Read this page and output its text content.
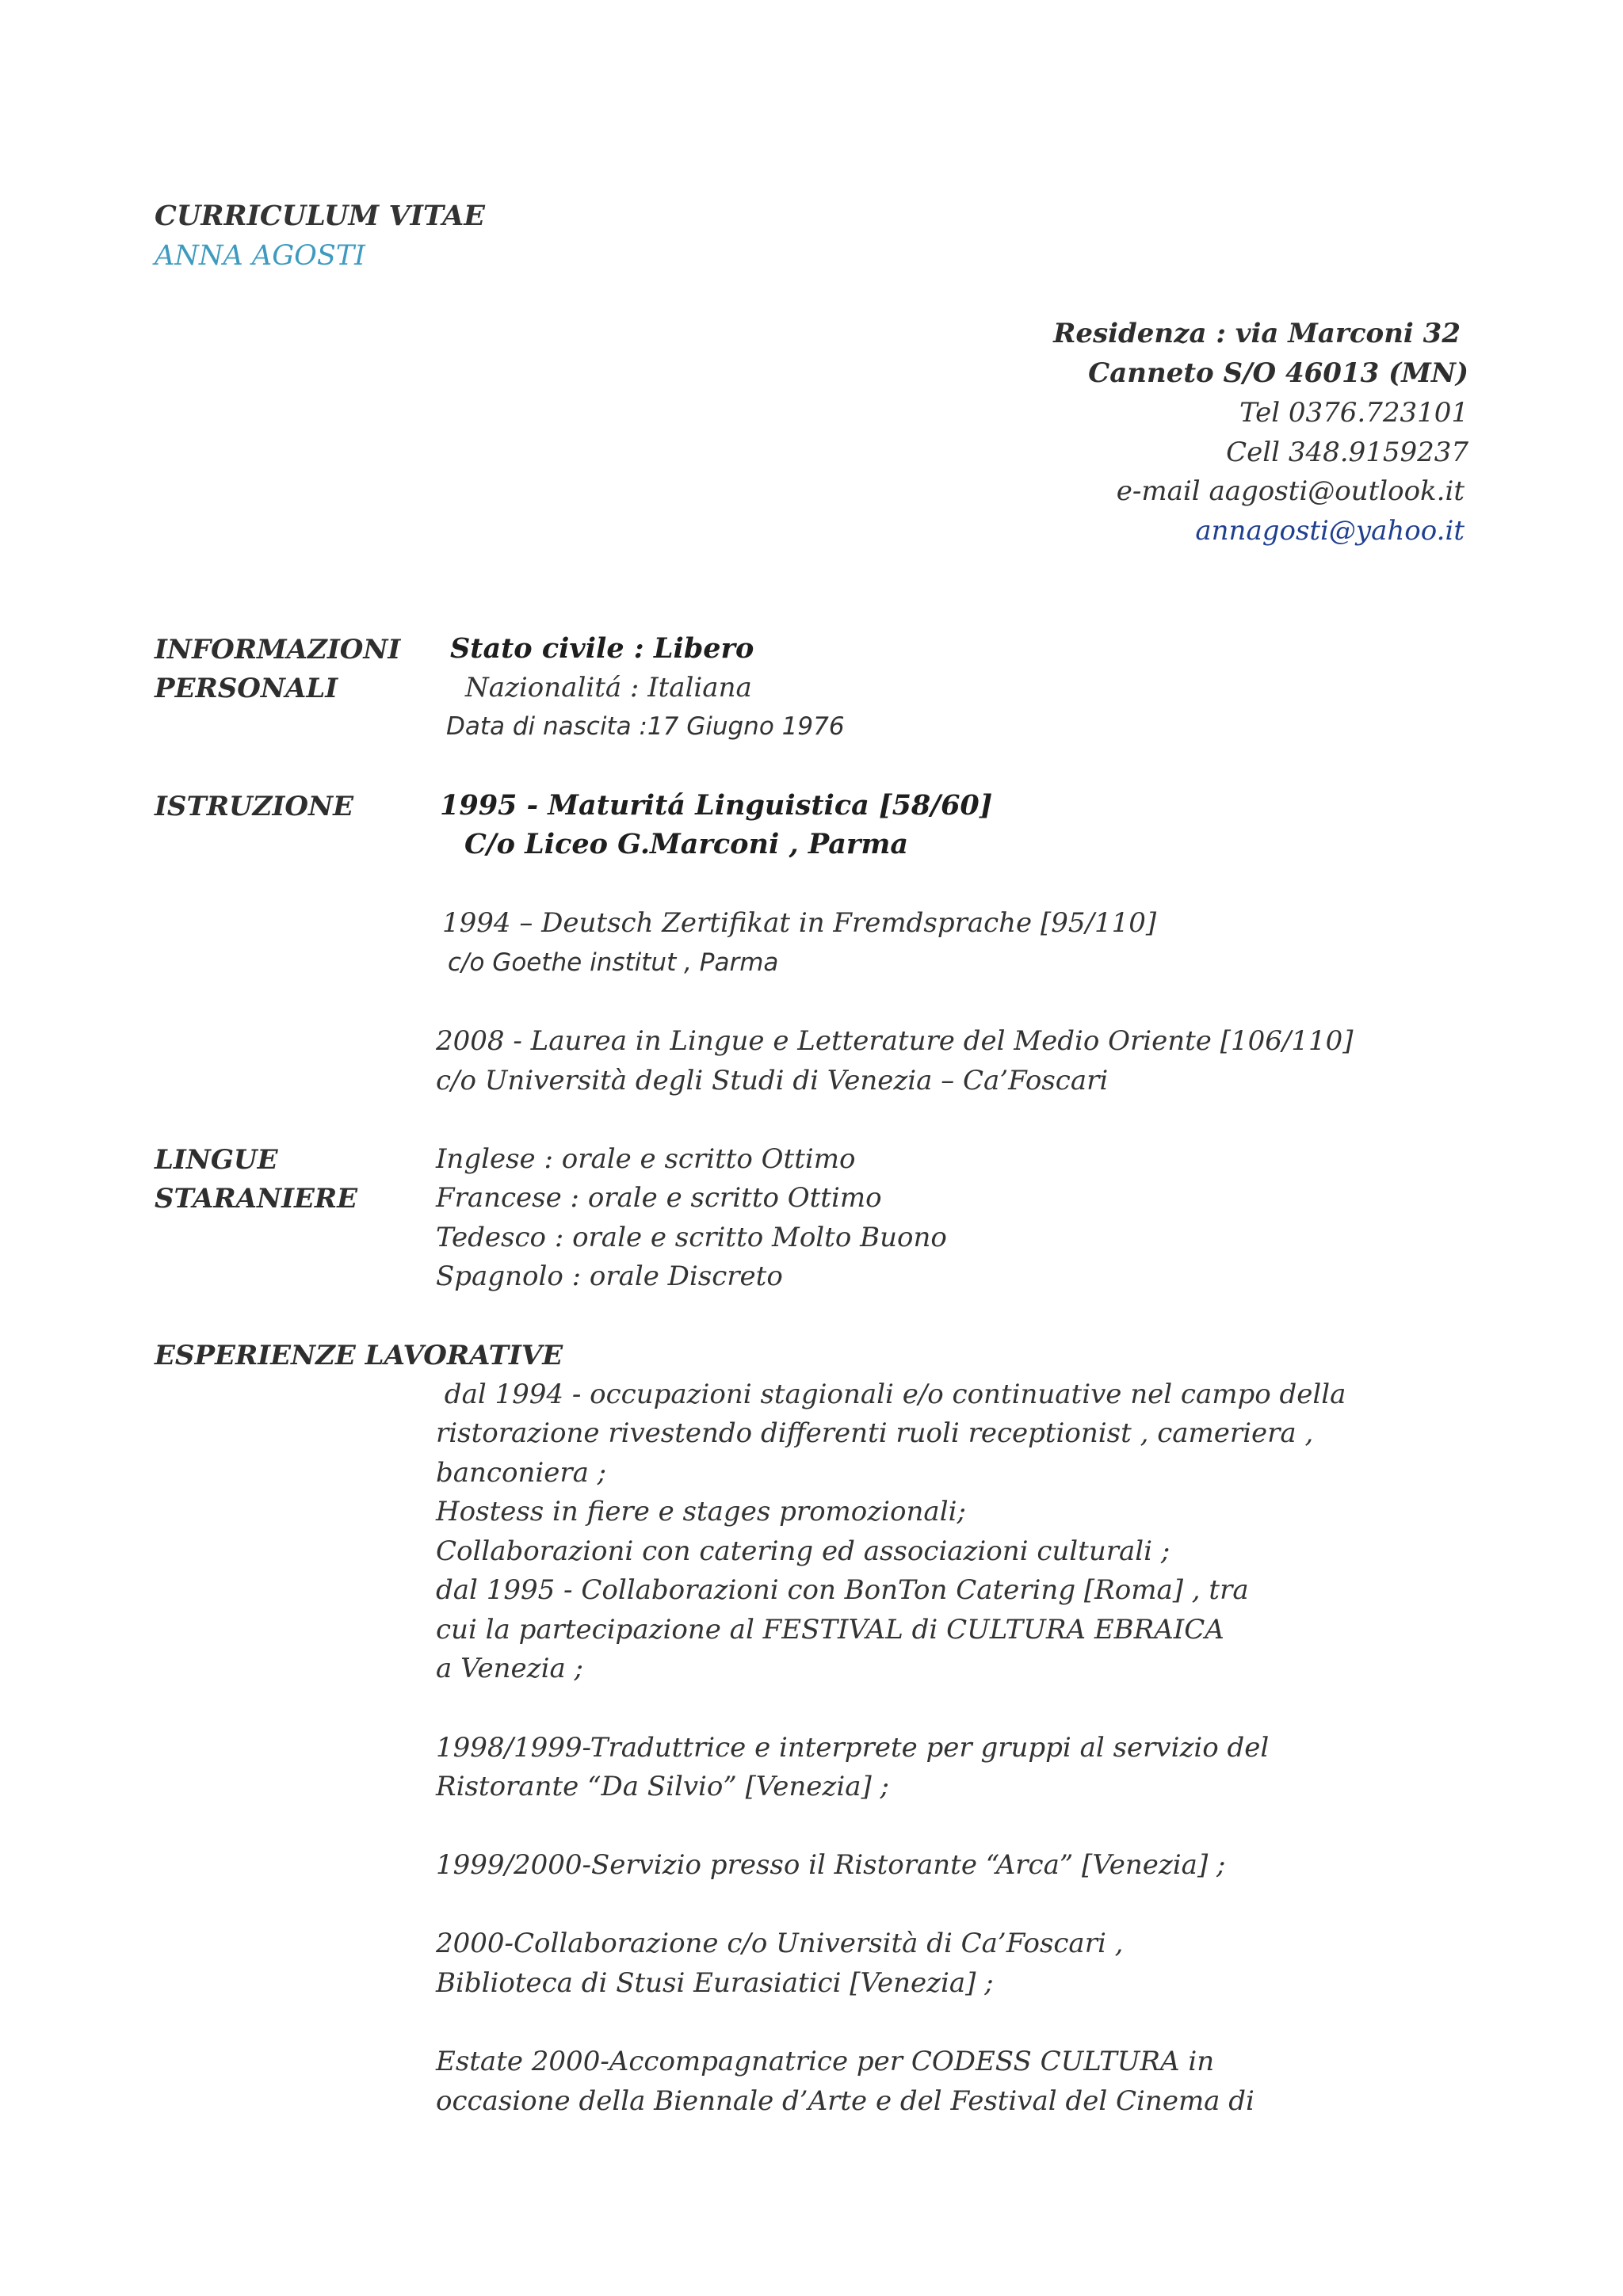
CURRICULUM VITAE
ANNA AGOSTI
Residenza : via Marconi 32
Canneto S/O 46013 (MN)
Tel 0376.723101
Cell 348.9159237
e-mail aagosti@outlook.it
annagosti@yahoo.it
INFORMAZIONI
PERSONALI
Stato civile : Libero
Nazionalitá : Italiana
Data di nascita :17 Giugno 1976
ISTRUZIONE	1995 - Maturitá Linguistica [58/60]
C/o Liceo G.Marconi , Parma
1994 – Deutsch Zertifikat in Fremdsprache [95/110]
c/o Goethe institut , Parma
2008 - Laurea in Lingue e Letterature del Medio Oriente [106/110]
c/o Università degli Studi di Venezia – Ca’Foscari
LINGUE
STARANIERE
Inglese : orale e scritto Ottimo
Francese : orale e scritto Ottimo
Tedesco : orale e scritto Molto Buono
Spagnolo : orale Discreto
ESPERIENZE LAVORATIVE
dal 1994 - occupazioni stagionali e/o continuative nel campo della
ristorazione rivestendo differenti ruoli receptionist , cameriera ,
banconiera ;
Hostess in fiere e stages promozionali;
Collaborazioni con catering ed associazioni culturali ;
dal 1995 - Collaborazioni con BonTon Catering [Roma] , tra
cui la partecipazione al FESTIVAL di CULTURA EBRAICA
a Venezia ;
1998/1999-Traduttrice e interprete per gruppi al servizio del
Ristorante “Da Silvio” [Venezia] ;
1999/2000-Servizio presso il Ristorante “Arca” [Venezia] ;
2000-Collaborazione c/o Università di Ca’Foscari ,
Biblioteca di Stusi Eurasiatici [Venezia] ;
Estate 2000-Accompagnatrice per CODESS CULTURA in
occasione della Biennale d’Arte e del Festival del Cinema di
